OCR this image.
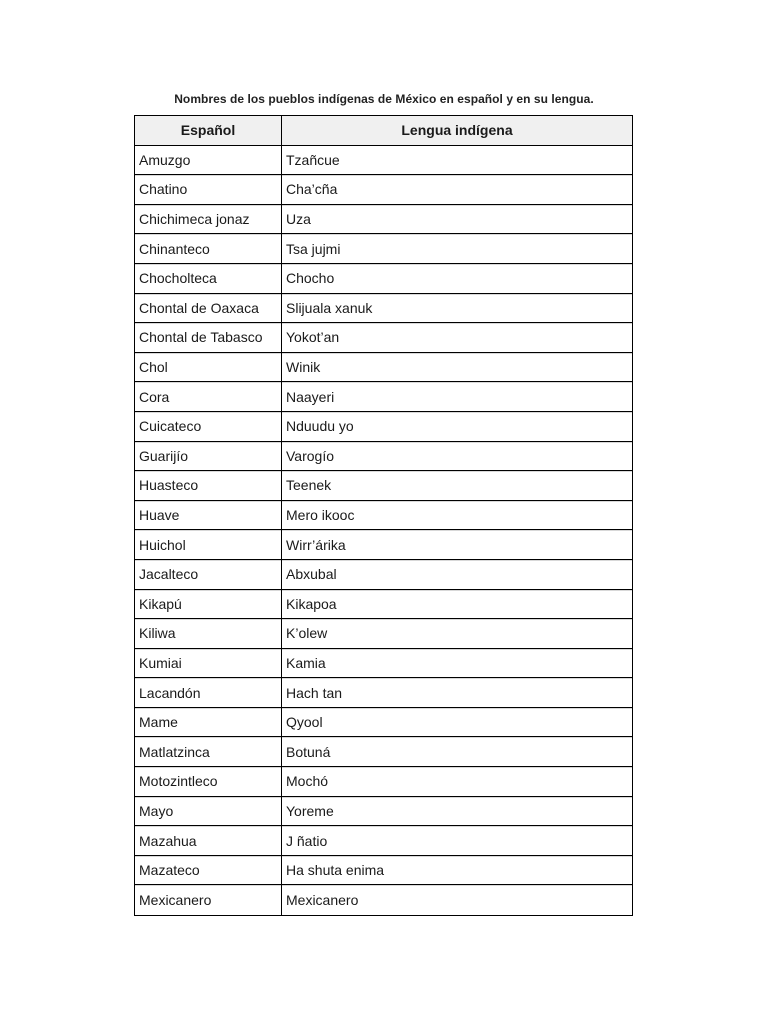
Nombres de los pueblos indígenas de México en español y en su lengua.
Español	Lengua indígena
Amuzgo	Tzañcue
Chatino	Cha’cña
Chichimeca jonaz	Uza
Chinanteco	Tsa jujmi
Chocholteca	Chocho
Chontal de Oaxaca	Slijuala xanuk
Chontal de Tabasco	Yokot’an
Chol	Winik
Cora	Naayeri
Cuicateco	Nduudu yo
Guarijío	Varogío
Huasteco	Teenek
Huave	Mero ikooc
Huichol	Wirr’árika
Jacalteco	Abxubal
Kikapú	Kikapoa
Kiliwa	K’olew
Kumiai	Kamia
Lacandón	Hach tan
Mame	Qyool
Matlatzinca	Botuná
Motozintleco	Mochó
Mayo	Yoreme
Mazahua	J ñatio
Mazateco	Ha shuta enima
Mexicanero	Mexicanero
